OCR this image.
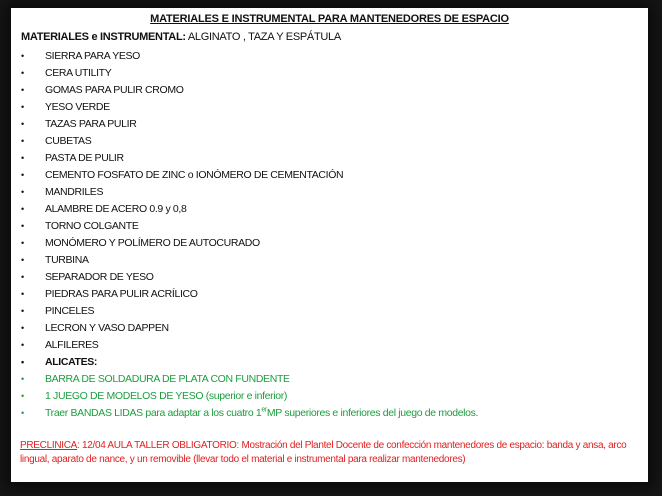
MATERIALES E INSTRUMENTAL PARA MANTENEDORES DE ESPACIO
MATERIALES e INSTRUMENTAL: ALGINATO , TAZA Y ESPÁTULA
• SIERRA PARA YESO
• CERA UTILITY
• GOMAS PARA PULIR CROMO
• YESO VERDE
• TAZAS PARA PULIR
• CUBETAS
• PASTA DE PULIR
• CEMENTO FOSFATO DE ZINC o IONÓMERO DE CEMENTACIÓN
• MANDRILES
• ALAMBRE DE ACERO 0.9 y 0,8
• TORNO COLGANTE
• MONÓMERO Y POLÍMERO DE AUTOCURADO
• TURBINA
• SEPARADOR DE YESO
• PIEDRAS PARA PULIR ACRÍLICO
• PINCELES
• LECRON Y VASO DAPPEN
• ALFILERES
• ALICATES:
• BARRA DE SOLDADURA DE PLATA CON FUNDENTE
• 1 JUEGO DE MODELOS DE YESO (superior e inferior)
• Traer BANDAS LIDAS para adaptar a los cuatro 1erMP superiores e inferiores del juego de modelos.
PRECLINICA: 12/04 AULA TALLER OBLIGATORIO: Mostración del Plantel Docente de confección mantenedores de espacio: banda y ansa, arco lingual, aparato de nance, y un removible (llevar todo el material e instrumental para realizar mantenedores)
